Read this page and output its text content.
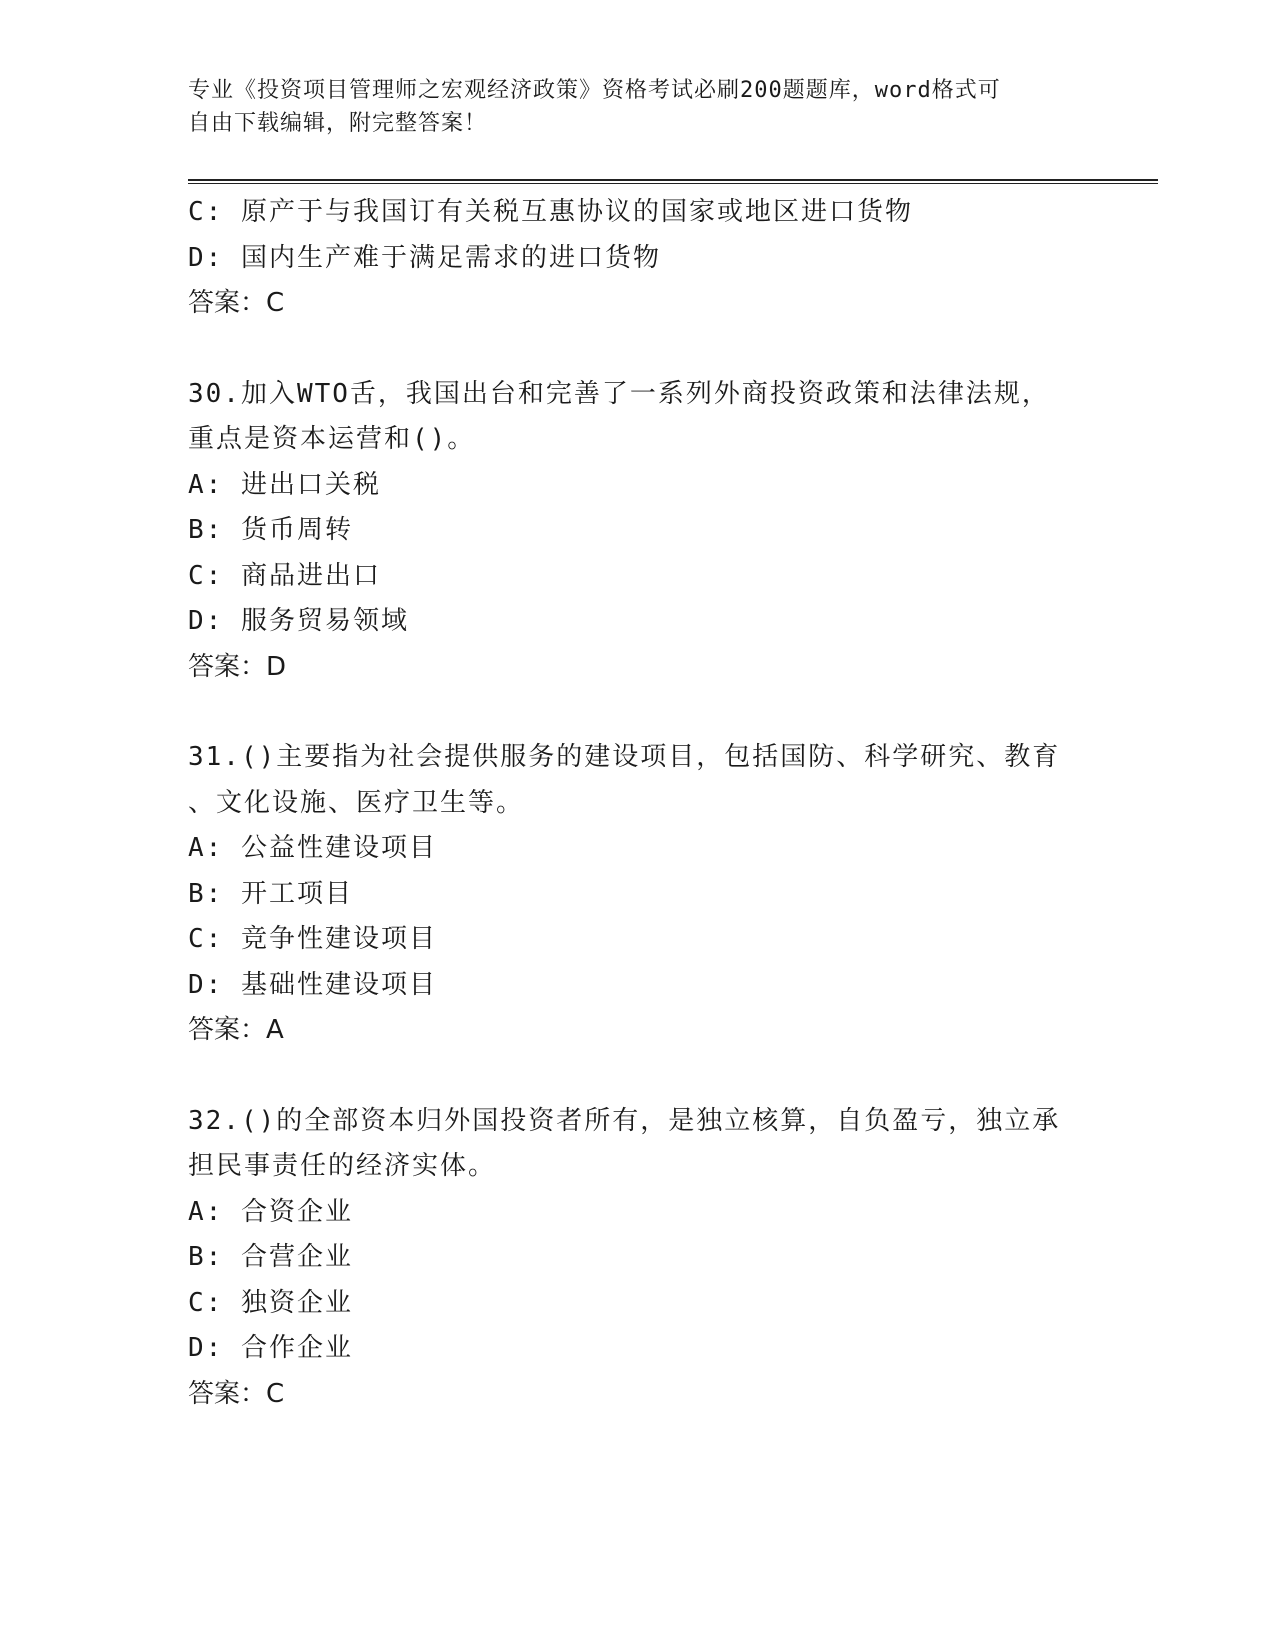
专业《投资项目管理师之宏观经济政策》资格考试必刷200题题库，word格式可
自由下载编辑，附完整答案！
C: 原产于与我国订有关税互惠协议的国家或地区进口货物
D: 国内生产难于满足需求的进口货物
答案：C
30.加入WTO舌，我国出台和完善了一系列外商投资政策和法律法规，
重点是资本运营和()。
A: 进出口关税
B: 货币周转
C: 商品进出口
D: 服务贸易领域
答案：D
31.()主要指为社会提供服务的建设项目，包括国防、科学研究、教育
、文化设施、医疗卫生等。
A: 公益性建设项目
B: 开工项目
C: 竞争性建设项目
D: 基础性建设项目
答案：A
32.()的全部资本归外国投资者所有，是独立核算，自负盈亏，独立承
担民事责任的经济实体。
A: 合资企业
B: 合营企业
C: 独资企业
D: 合作企业
答案：C
